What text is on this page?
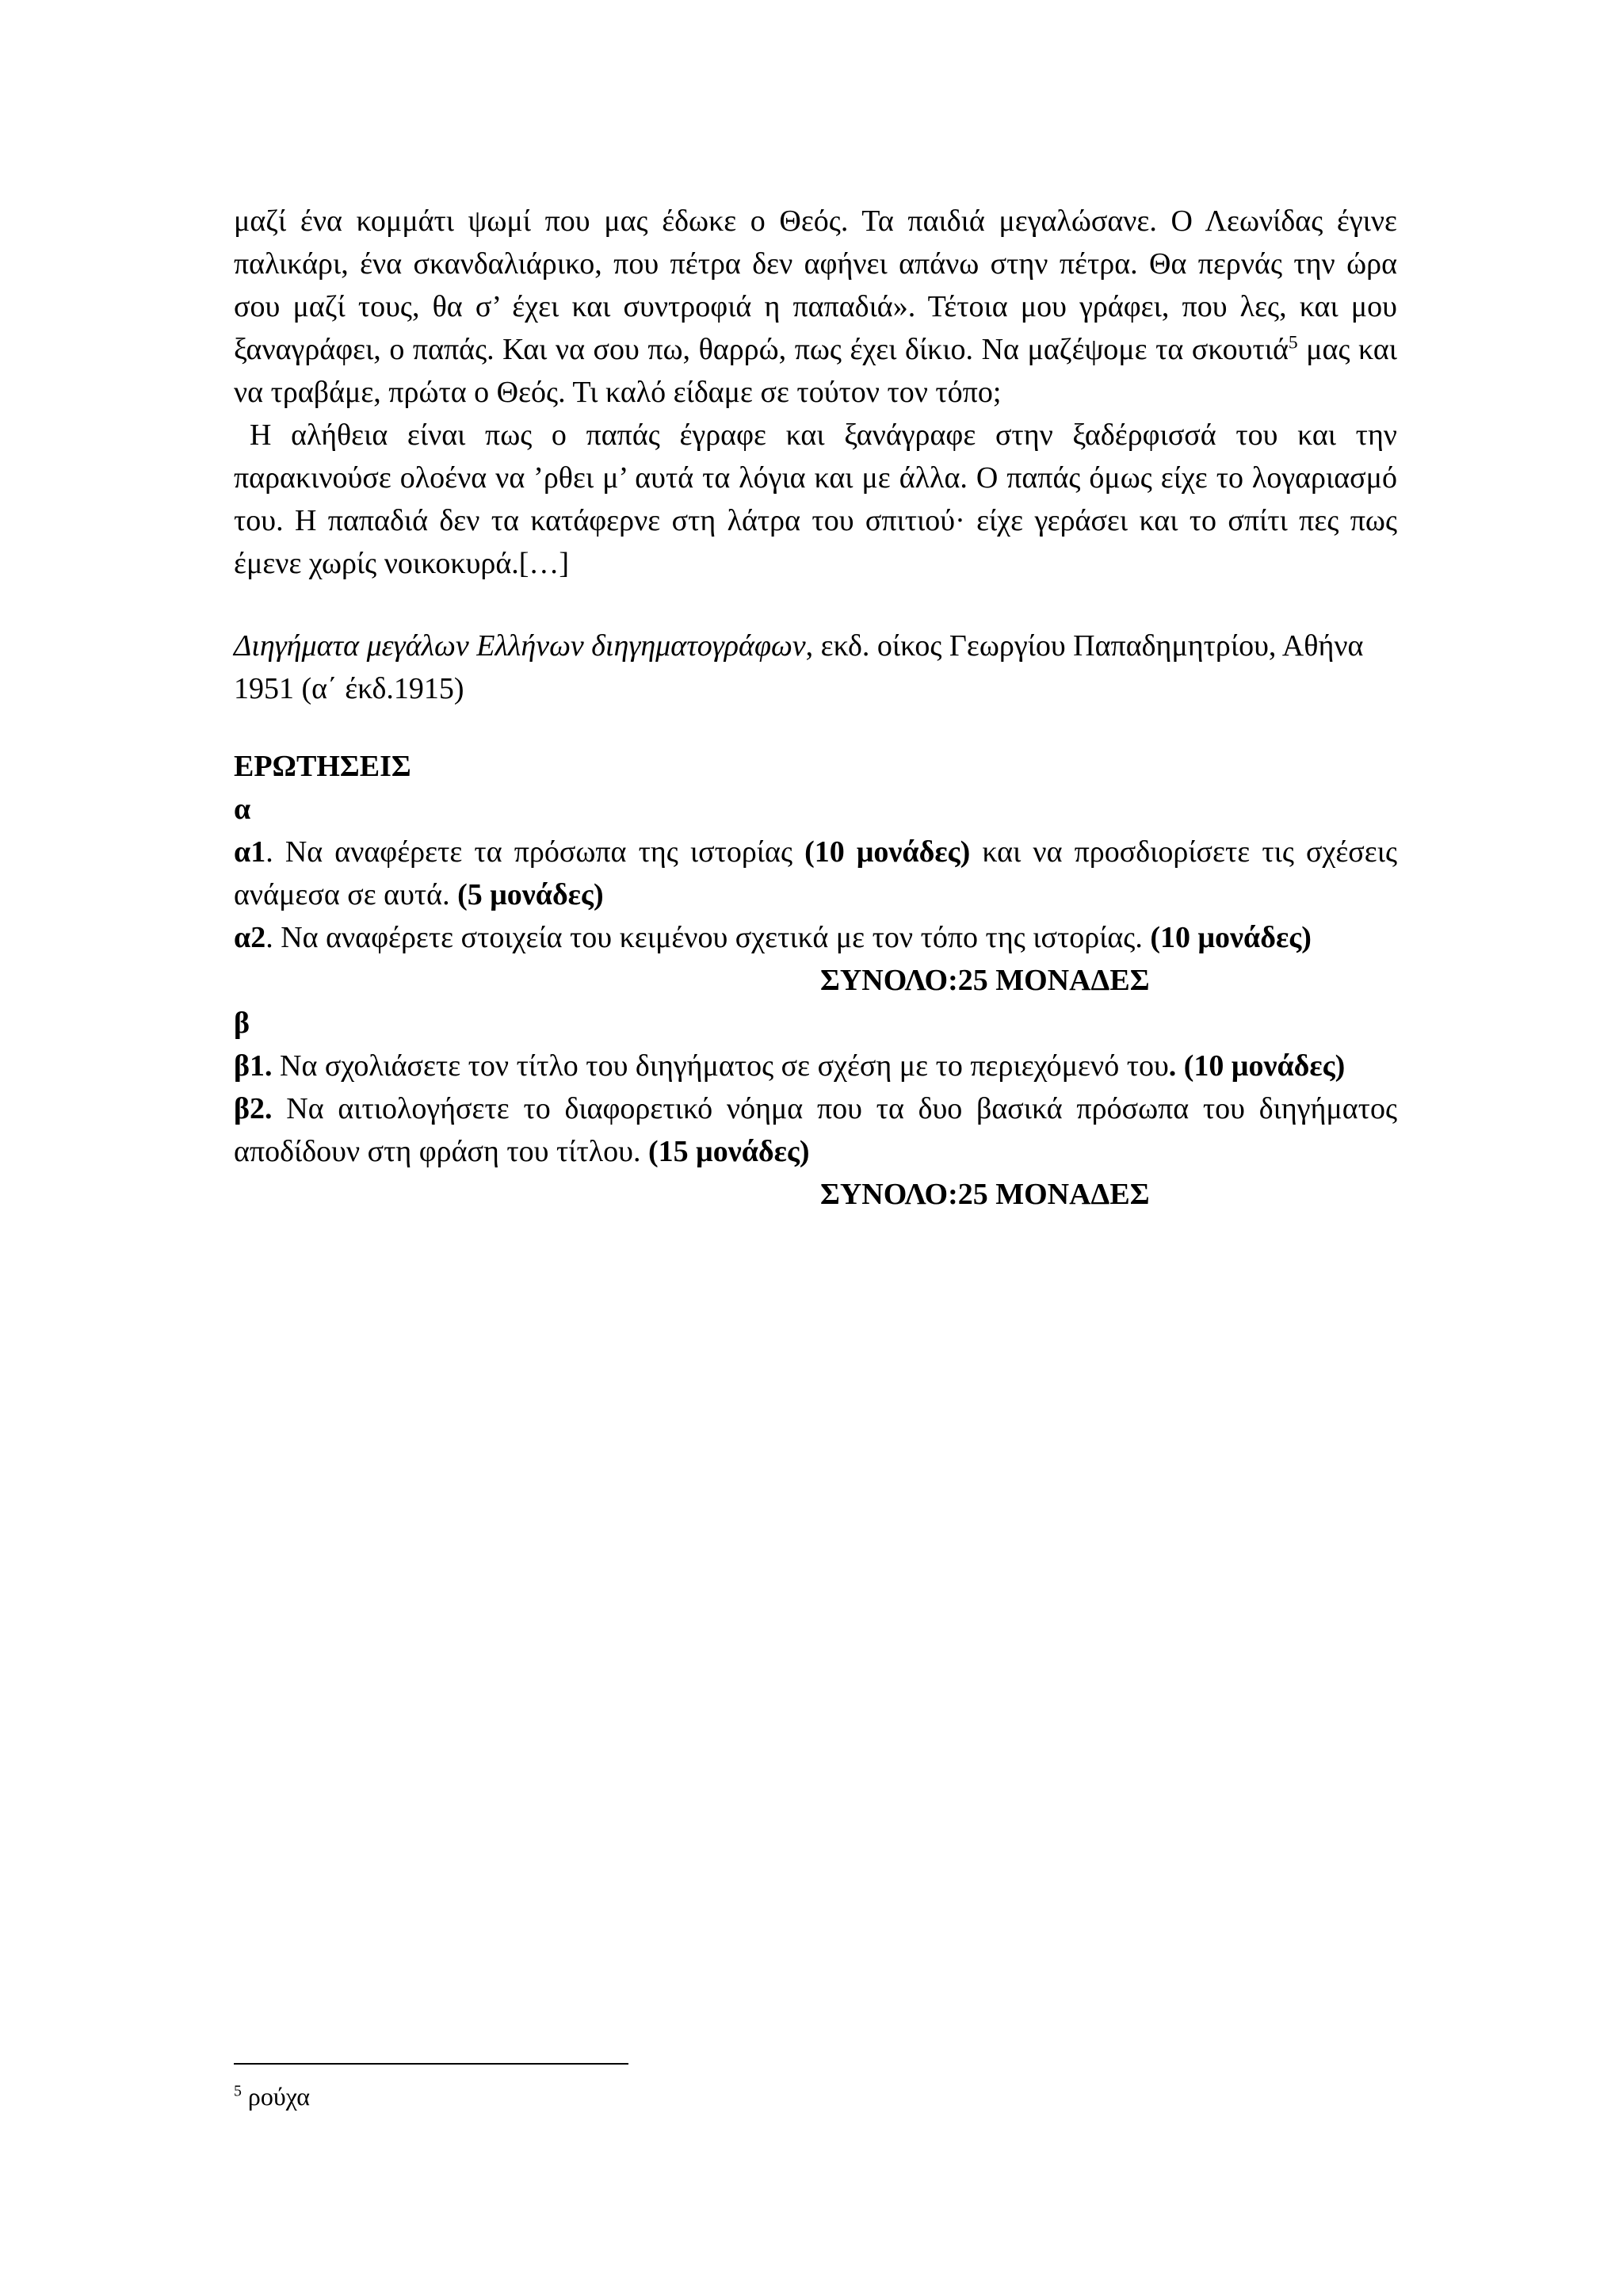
μαζί ένα κομμάτι ψωμί που μας έδωκε ο Θεός. Τα παιδιά μεγαλώσανε. Ο Λεωνίδας έγινε παλικάρι, ένα σκανδαλιάρικο, που πέτρα δεν αφήνει απάνω στην πέτρα. Θα περνάς την ώρα σου μαζί τους, θα σ’ έχει και συντροφιά η παπαδιά». Τέτοια μου γράφει, που λες, και μου ξαναγράφει, ο παπάς. Και να σου πω, θαρρώ, πως έχει δίκιο. Να μαζέψομε τα σκουτιά$^5$ μας και να τραβάμε, πρώτα ο Θεός. Τι καλό είδαμε σε τούτον τον τόπο;

Η αλήθεια είναι πως ο παπάς έγραφε και ξανάγραφε στην ξαδέρφισσά του και την παρακινούσε ολοένα να ’ρθει μ’ αυτά τα λόγια και με άλλα. Ο παπάς όμως είχε το λογαριασμό του. Η παπαδιά δεν τα κατάφερνε στη λάτρα του σπιτιού· είχε γεράσει και το σπίτι πες πως έμενε χωρίς νοικοκυρά.[…]

Διηγήματα μεγάλων Ελλήνων διηγηματογράφων, εκδ. οίκος Γεωργίου Παπαδημητρίου, Αθήνα 1951 (α΄ έκδ.1915)

ΕΡΩΤΗΣΕΙΣ

α

α1. Να αναφέρετε τα πρόσωπα της ιστορίας (10 μονάδες) και να προσδιορίσετε τις σχέσεις ανάμεσα σε αυτά. (5 μονάδες)

α2. Να αναφέρετε στοιχεία του κειμένου σχετικά με τον τόπο της ιστορίας. (10 μονάδες)

ΣΥΝΟΛΟ:25 ΜΟΝΑΔΕΣ

β

β1. Να σχολιάσετε τον τίτλο του διηγήματος σε σχέση με το περιεχόμενό του. (10 μονάδες)

β2. Να αιτιολογήσετε το διαφορετικό νόημα που τα δυο βασικά πρόσωπα του διηγήματος αποδίδουν στη φράση του τίτλου. (15 μονάδες)

ΣΥΝΟΛΟ:25 ΜΟΝΑΔΕΣ

$^5$ ρούχα
